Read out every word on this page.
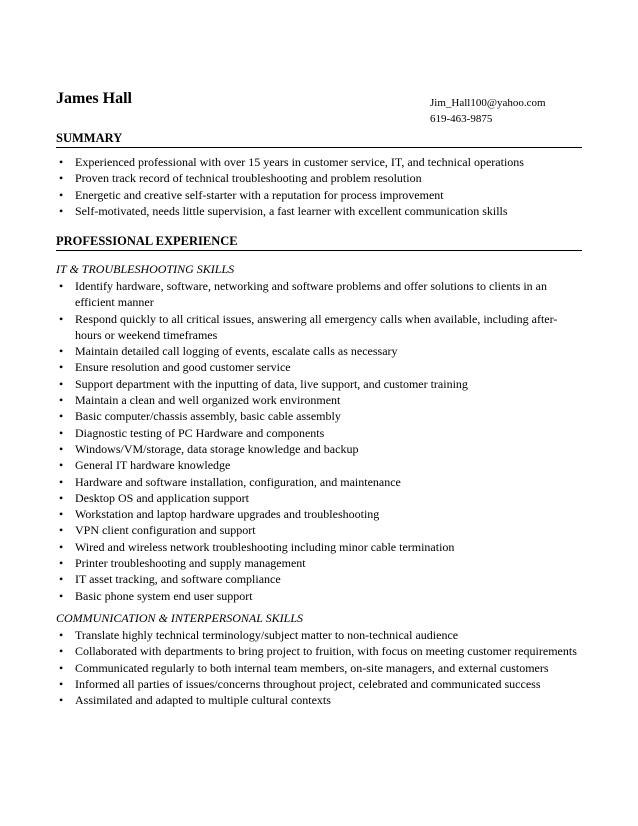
James Hall	Jim_Hall100@yahoo.com
619-463-9875
SUMMARY
• Experienced professional with over 15 years in customer service, IT, and technical operations
• Proven track record of technical troubleshooting and problem resolution
• Energetic and creative self-starter with a reputation for process improvement
• Self-motivated, needs little supervision, a fast learner with excellent communication skills
PROFESSIONAL EXPERIENCE
IT & TROUBLESHOOTING SKILLS
• Identify hardware, software, networking and software problems and offer solutions to clients in an efficient manner
• Respond quickly to all critical issues, answering all emergency calls when available, including after-hours or weekend timeframes
• Maintain detailed call logging of events, escalate calls as necessary
• Ensure resolution and good customer service
• Support department with the inputting of data, live support, and customer training
• Maintain a clean and well organized work environment
• Basic computer/chassis assembly, basic cable assembly
• Diagnostic testing of PC Hardware and components
• Windows/VM/storage, data storage knowledge and backup
• General IT hardware knowledge
• Hardware and software installation, configuration, and maintenance
• Desktop OS and application support
• Workstation and laptop hardware upgrades and troubleshooting
• VPN client configuration and support
• Wired and wireless network troubleshooting including minor cable termination
• Printer troubleshooting and supply management
• IT asset tracking, and software compliance
• Basic phone system end user support
COMMUNICATION & INTERPERSONAL SKILLS
• Translate highly technical terminology/subject matter to non-technical audience
• Collaborated with departments to bring project to fruition, with focus on meeting customer requirements
• Communicated regularly to both internal team members, on-site managers, and external customers
• Informed all parties of issues/concerns throughout project, celebrated and communicated success
• Assimilated and adapted to multiple cultural contexts
